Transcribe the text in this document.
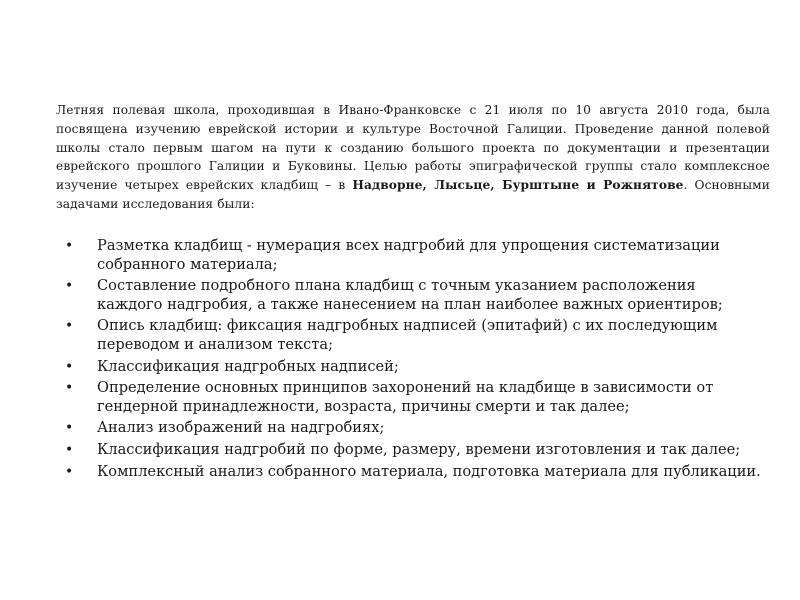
Летняя полевая школа, проходившая в Ивано-Франковске с 21 июля по 10 августа 2010 года, была посвящена изучению еврейской истории и культуре Восточной Галиции. Проведение данной полевой школы стало первым шагом на пути к созданию большого проекта по документации и презентации еврейского прошлого Галиции и Буковины. Целью работы эпиграфической группы стало комплексное изучение четырех еврейских кладбищ – в Надворне, Лысьце, Бурштыне и Рожнятове. Основными задачами исследования были:

• Разметка кладбищ - нумерация всех надгробий для упрощения систематизации собранного материала;
• Составление подробного плана кладбищ с точным указанием расположения каждого надгробия, а также нанесением на план наиболее важных ориентиров;
• Опись кладбищ: фиксация надгробных надписей (эпитафий) с их последующим переводом и анализом текста;
• Классификация надгробных надписей;
• Определение основных принципов захоронений на кладбище в зависимости от гендерной принадлежности, возраста, причины смерти и так далее;
• Анализ изображений на надгробиях;
• Классификация надгробий по форме, размеру, времени изготовления и так далее;
• Комплексный анализ собранного материала, подготовка материала для публикации.
